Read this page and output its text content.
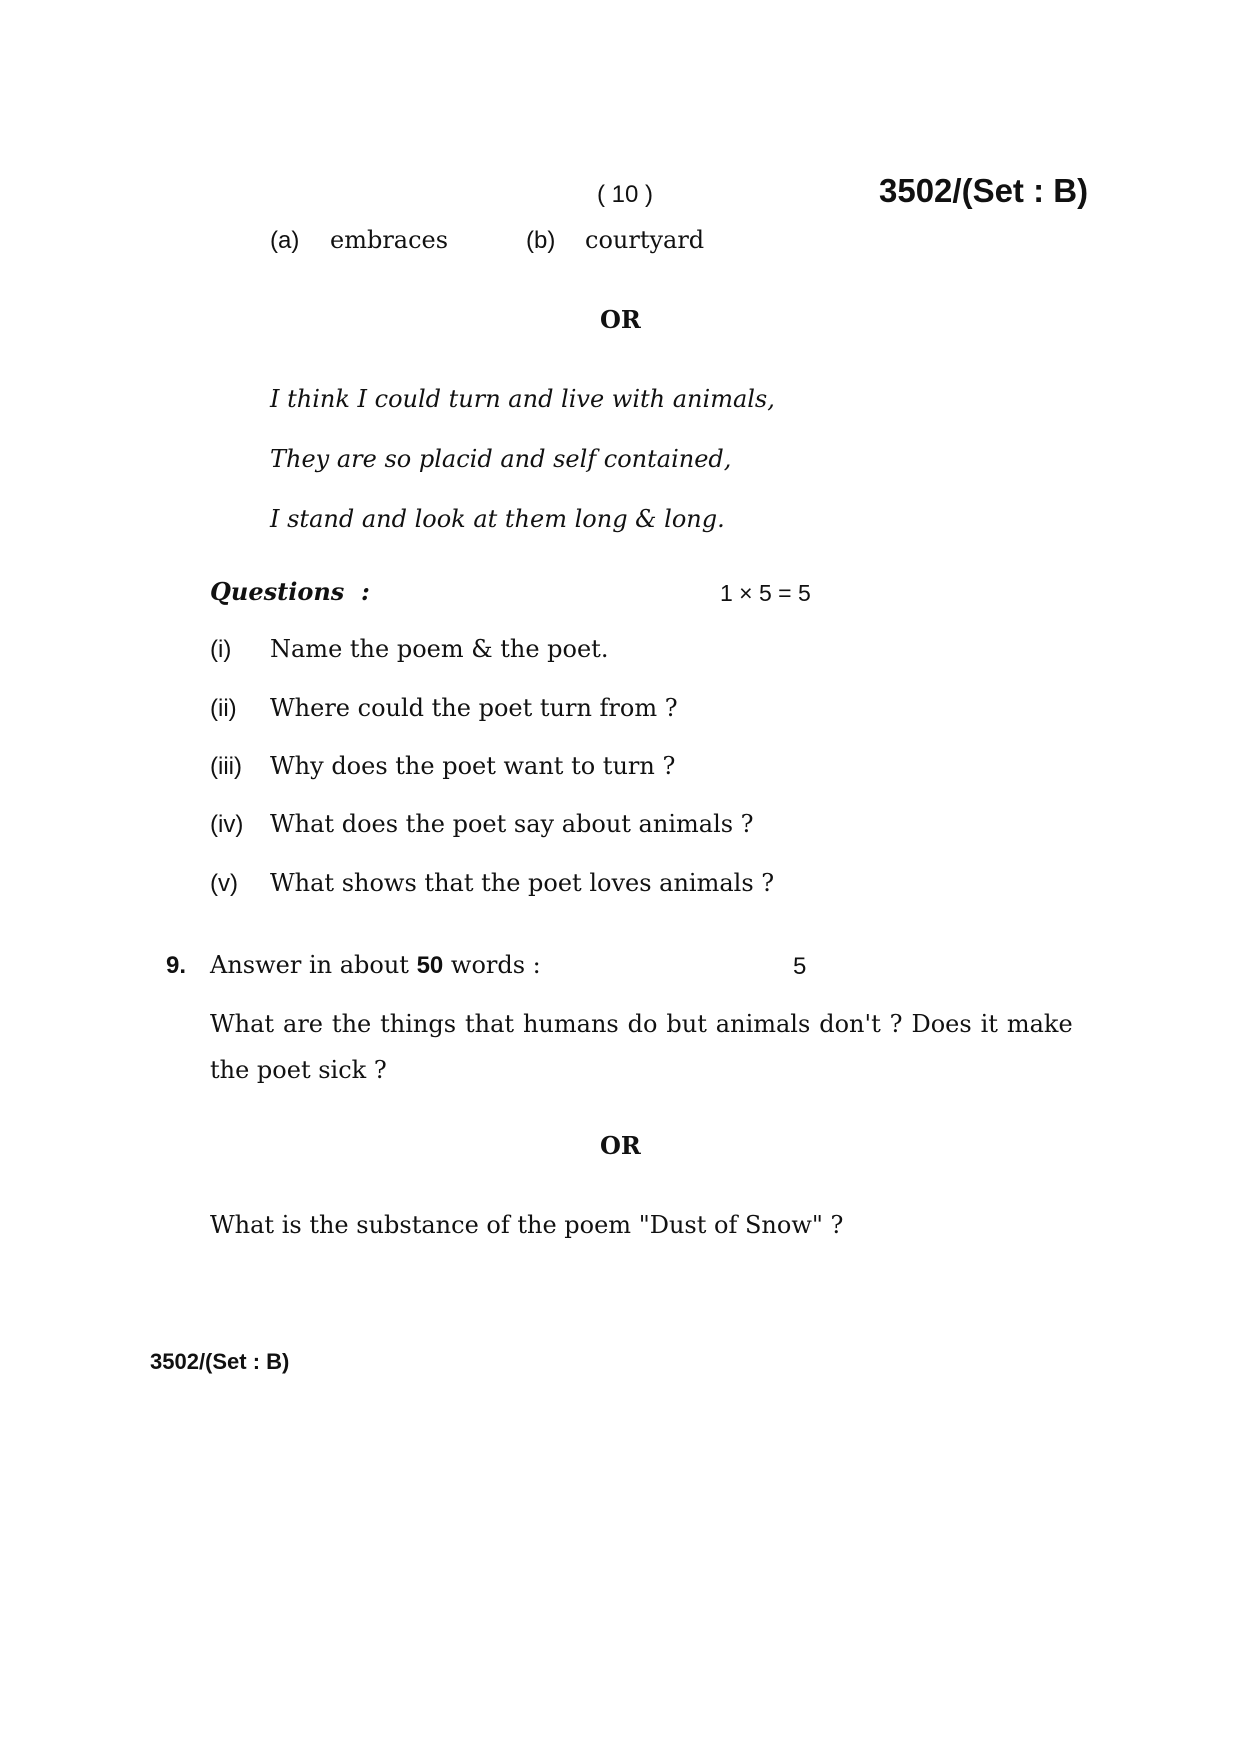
( 10 )	3502/(Set : B)
(a) embraces	(b) courtyard
OR
I think I could turn and live with animals,
They are so placid and self contained,
I stand and look at them long & long.
Questions  :	1 × 5 = 5
(i) Name the poem & the poet.
(ii) Where could the poet turn from ?
(iii) Why does the poet want to turn ?
(iv) What does the poet say about animals ?
(v) What shows that the poet loves animals ?
9. Answer in about 50 words :	5
What are the things that humans do but animals don't ? Does it make
the poet sick ?
OR
What is the substance of the poem "Dust of Snow" ?
3502/(Set : B)
